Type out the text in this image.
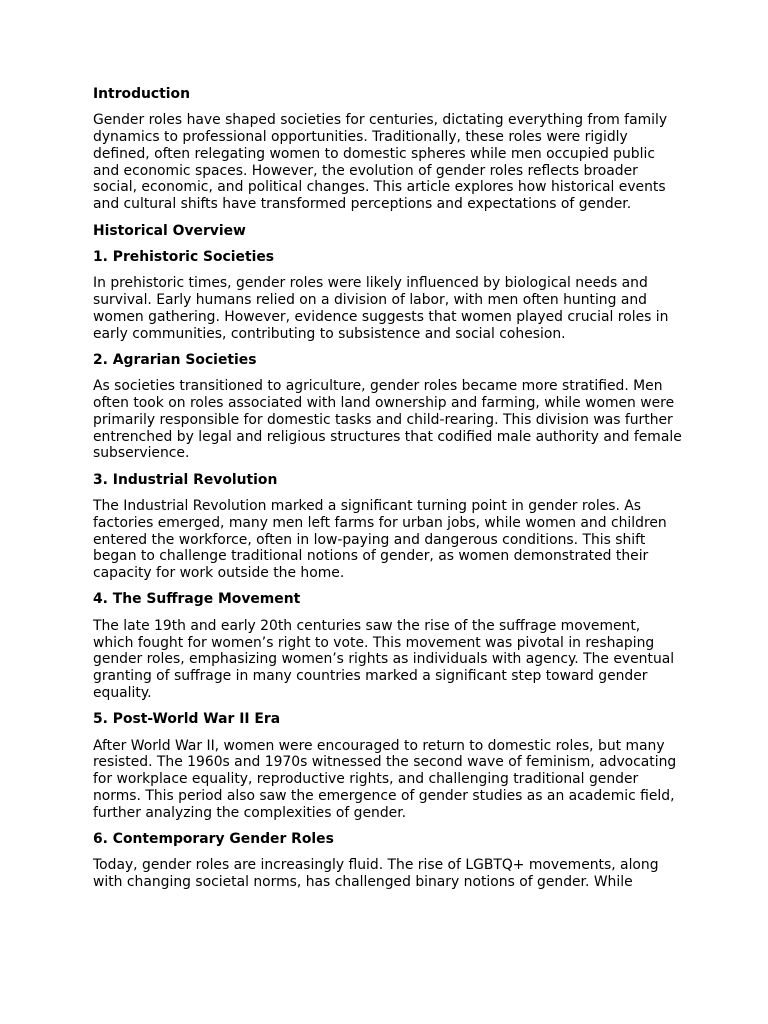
Introduction
Gender roles have shaped societies for centuries, dictating everything from family dynamics to professional opportunities. Traditionally, these roles were rigidly defined, often relegating women to domestic spheres while men occupied public and economic spaces. However, the evolution of gender roles reflects broader social, economic, and political changes. This article explores how historical events and cultural shifts have transformed perceptions and expectations of gender.
Historical Overview
1. Prehistoric Societies
In prehistoric times, gender roles were likely influenced by biological needs and survival. Early humans relied on a division of labor, with men often hunting and women gathering. However, evidence suggests that women played crucial roles in early communities, contributing to subsistence and social cohesion.
2. Agrarian Societies
As societies transitioned to agriculture, gender roles became more stratified. Men often took on roles associated with land ownership and farming, while women were primarily responsible for domestic tasks and child-rearing. This division was further entrenched by legal and religious structures that codified male authority and female subservience.
3. Industrial Revolution
The Industrial Revolution marked a significant turning point in gender roles. As factories emerged, many men left farms for urban jobs, while women and children entered the workforce, often in low-paying and dangerous conditions. This shift began to challenge traditional notions of gender, as women demonstrated their capacity for work outside the home.
4. The Suffrage Movement
The late 19th and early 20th centuries saw the rise of the suffrage movement, which fought for women’s right to vote. This movement was pivotal in reshaping gender roles, emphasizing women’s rights as individuals with agency. The eventual granting of suffrage in many countries marked a significant step toward gender equality.
5. Post-World War II Era
After World War II, women were encouraged to return to domestic roles, but many resisted. The 1960s and 1970s witnessed the second wave of feminism, advocating for workplace equality, reproductive rights, and challenging traditional gender norms. This period also saw the emergence of gender studies as an academic field, further analyzing the complexities of gender.
6. Contemporary Gender Roles
Today, gender roles are increasingly fluid. The rise of LGBTQ+ movements, along with changing societal norms, has challenged binary notions of gender. While
